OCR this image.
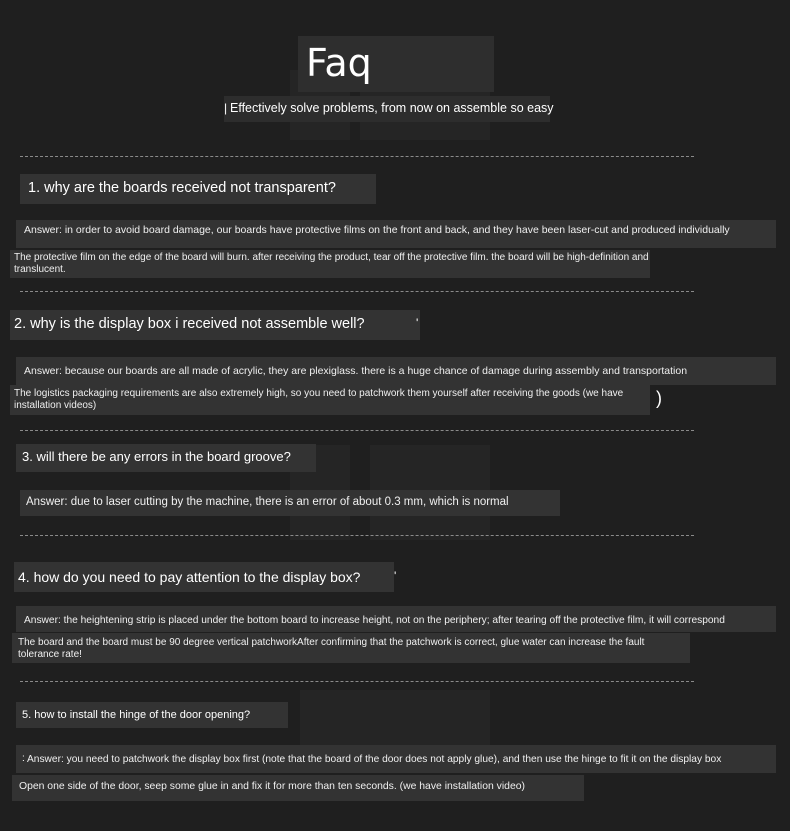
Faq
| Effectively solve problems, from now on assemble so easy
1. why are the boards received not transparent?
Answer: in order to avoid board damage, our boards have protective films on the front and back, and they have been laser-cut and produced individually
The protective film on the edge of the board will burn. after receiving the product, tear off the protective film. the board will be high-definition and translucent.
2. why is the display box i received not assemble well?	'
Answer: because our boards are all made of acrylic, they are plexiglass. there is a huge chance of damage during assembly and transportation
The logistics packaging requirements are also extremely high, so you need to patchwork them yourself after receiving the goods (we have installation videos)	)
3. will there be any errors in the board groove?
Answer: due to laser cutting by the machine, there is an error of about 0.3 mm, which is normal
4. how do you need to pay attention to the display box?	'
Answer: the heightening strip is placed under the bottom board to increase height, not on the periphery; after tearing off the protective film, it will correspond
The board and the board must be 90 degree vertical patchworkAfter confirming that the patchwork is correct, glue water can increase the fault tolerance rate!
5. how to install the hinge of the door opening?
: Answer: you need to patchwork the display box first (note that the board of the door does not apply glue), and then use the hinge to fit it on the display box
Open one side of the door, seep some glue in and fix it for more than ten seconds. (we have installation video)
